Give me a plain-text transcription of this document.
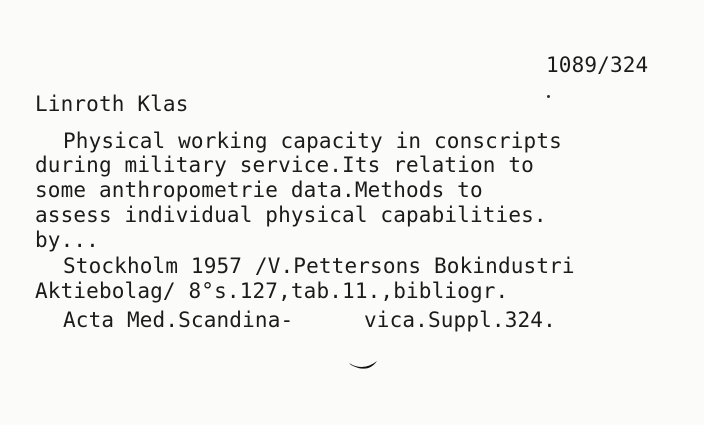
1089/324
Linroth Klas
Physical working capacity in conscripts
during military service.Its relation to
some anthropometrie data.Methods to
assess individual physical capabilities.
by...
Stockholm 1957 /V.Pettersons Bokindustri
Aktiebolag/ 8°s.127,tab.11.,bibliogr.
Acta Med.Scandina-	vica.Suppl.324.
